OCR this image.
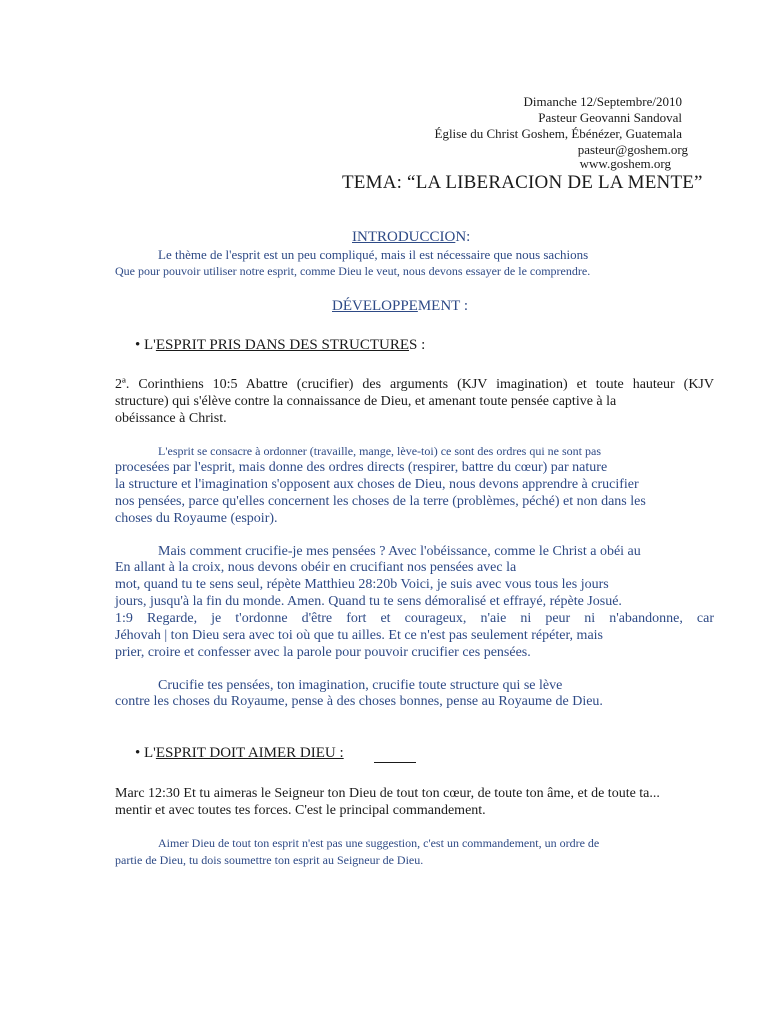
Dimanche 12/Septembre/2010
Pasteur Geovanni Sandoval
Église du Christ Goshem, Ébénézer, Guatemala
pasteur@goshem.org
www.goshem.org
TEMA: “LA LIBERACION DE LA MENTE”
INTRODUCCION:
Le thème de l'esprit est un peu compliqué, mais il est nécessaire que nous sachions
Que pour pouvoir utiliser notre esprit, comme Dieu le veut, nous devons essayer de le comprendre.
DÉVELOPPEMENT :
• L'ESPRIT PRIS DANS DES STRUCTURES :
2ª. Corinthiens 10:5 Abattre (crucifier) des arguments (KJV imagination) et toute hauteur (KJV
structure) qui s'élève contre la connaissance de Dieu, et amenant toute pensée captive à la
obéissance à Christ.
L'esprit se consacre à ordonner (travaille, mange, lève-toi) ce sont des ordres qui ne sont pas
procesées par l'esprit, mais donne des ordres directs (respirer, battre du cœur) par nature
la structure et l'imagination s'opposent aux choses de Dieu, nous devons apprendre à crucifier
nos pensées, parce qu'elles concernent les choses de la terre (problèmes, péché) et non dans les
choses du Royaume (espoir).
Mais comment crucifie-je mes pensées ? Avec l'obéissance, comme le Christ a obéi au
En allant à la croix, nous devons obéir en crucifiant nos pensées avec la
mot, quand tu te sens seul, répète Matthieu 28:20b Voici, je suis avec vous tous les jours
jours, jusqu'à la fin du monde. Amen. Quand tu te sens démoralisé et effrayé, répète Josué.
1:9 Regarde, je t'ordonne d'être fort et courageux, n'aie ni peur ni n'abandonne, car
Jéhovah | ton Dieu sera avec toi où que tu ailles. Et ce n'est pas seulement répéter, mais
prier, croire et confesser avec la parole pour pouvoir crucifier ces pensées.
Crucifie tes pensées, ton imagination, crucifie toute structure qui se lève
contre les choses du Royaume, pense à des choses bonnes, pense au Royaume de Dieu.
• L'ESPRIT DOIT AIMER DIEU :
Marc 12:30 Et tu aimeras le Seigneur ton Dieu de tout ton cœur, de toute ton âme, et de toute ta...
mentir et avec toutes tes forces. C'est le principal commandement.
Aimer Dieu de tout ton esprit n'est pas une suggestion, c'est un commandement, un ordre de
partie de Dieu, tu dois soumettre ton esprit au Seigneur de Dieu.
